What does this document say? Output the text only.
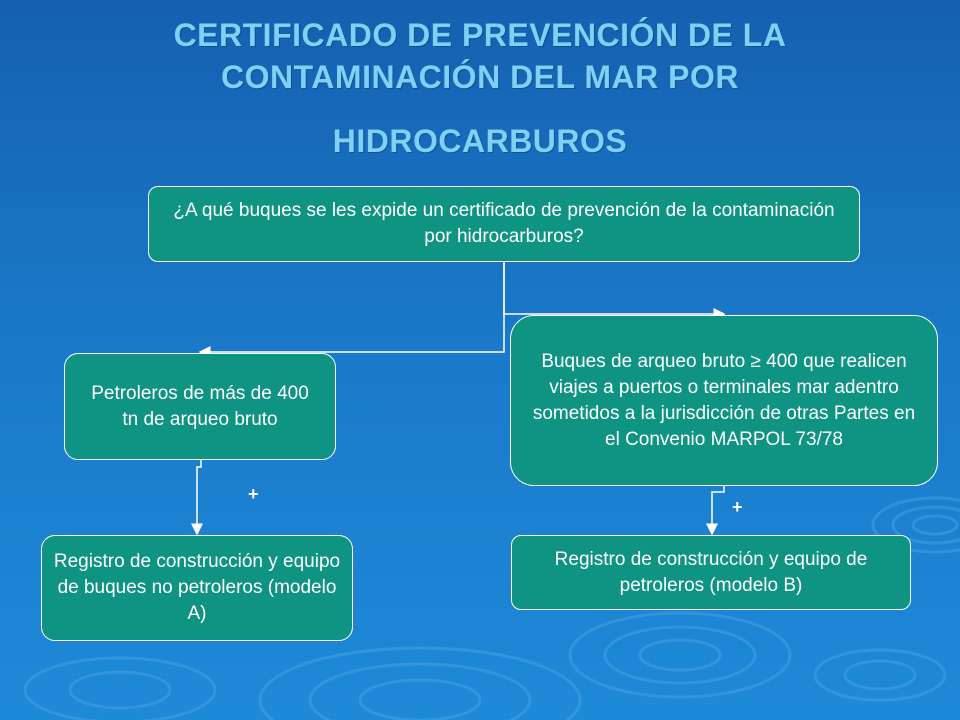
CERTIFICADO DE PREVENCIÓN DE LA
CONTAMINACIÓN DEL MAR POR
HIDROCARBUROS
¿A qué buques se les expide un certificado de prevención de la contaminación por hidrocarburos?
Petroleros de más de 400 tn de arqueo bruto
Buques de arqueo bruto ≥ 400 que realicen viajes a puertos o terminales mar adentro sometidos a la jurisdicción de otras Partes en el Convenio MARPOL 73/78
+
+
Registro de construcción y equipo de buques no petroleros (modelo A)
Registro de construcción y equipo de petroleros (modelo B)
